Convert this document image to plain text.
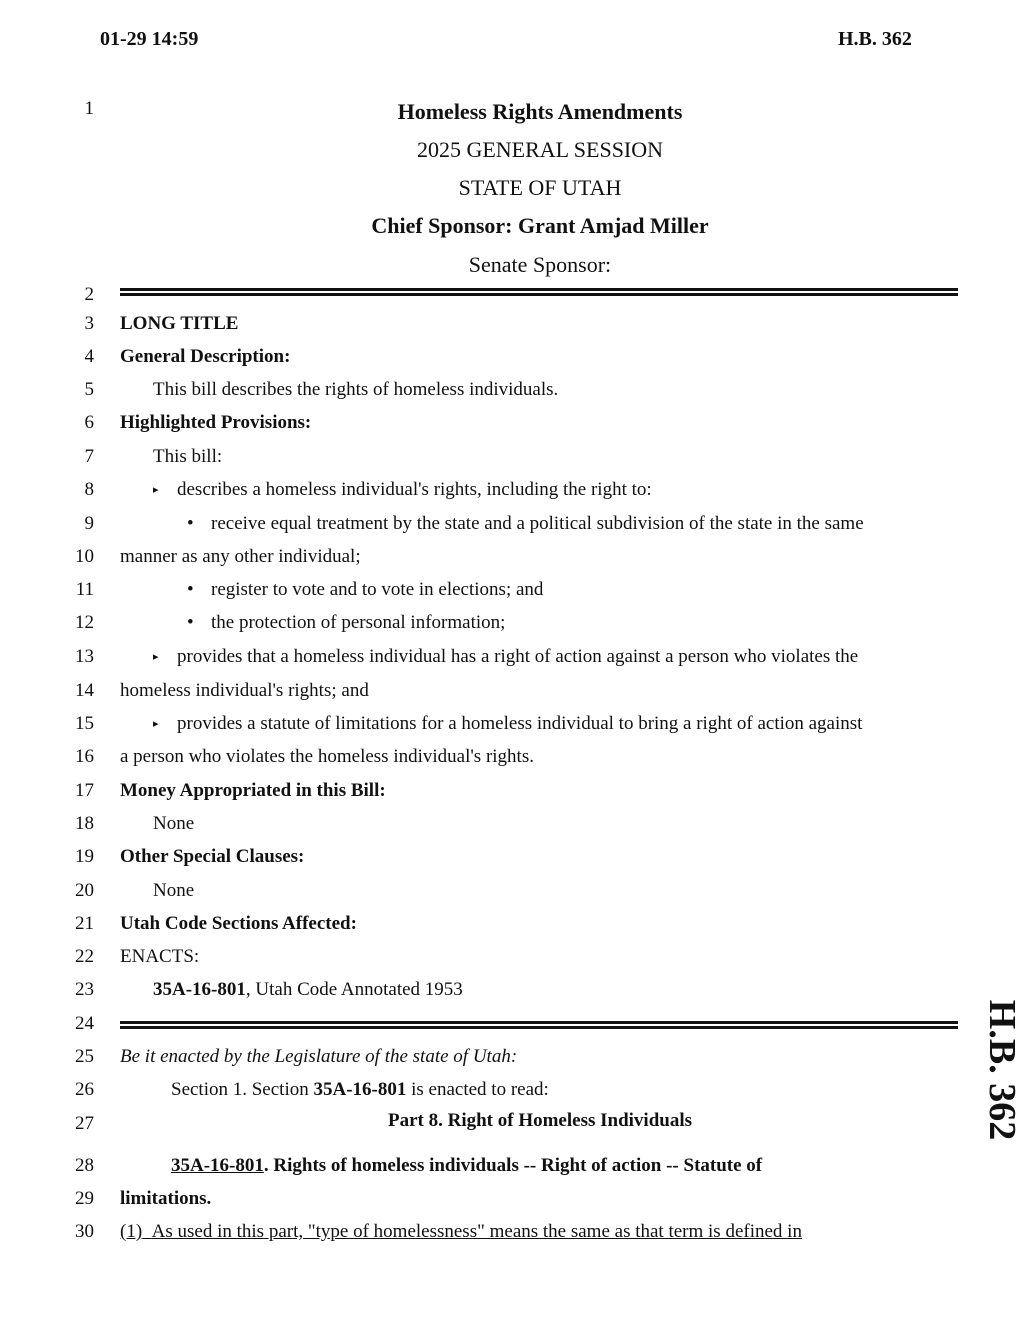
01-29 14:59	H.B. 362
1
2
3
4
5
6
7
8
9
10
11
12
13
14
15
16
17
18
19
20
21
22
23
24
25
26
27
28
29
30
Homeless Rights Amendments
2025 GENERAL SESSION
STATE OF UTAH
Chief Sponsor: Grant Amjad Miller
Senate Sponsor:
LONG TITLE
General Description:
This bill describes the rights of homeless individuals.
Highlighted Provisions:
This bill:
▸ describes a homeless individual's rights, including the right to:
• receive equal treatment by the state and a political subdivision of the state in the same
manner as any other individual;
• register to vote and to vote in elections; and
• the protection of personal information;
▸ provides that a homeless individual has a right of action against a person who violates the
homeless individual's rights; and
▸ provides a statute of limitations for a homeless individual to bring a right of action against
a person who violates the homeless individual's rights.
Money Appropriated in this Bill:
None
Other Special Clauses:
None
Utah Code Sections Affected:
ENACTS:
35A-16-801, Utah Code Annotated 1953
Be it enacted by the Legislature of the state of Utah:
Section 1. Section 35A-16-801 is enacted to read:
Part 8. Right of Homeless Individuals
35A-16-801. Rights of homeless individuals -- Right of action -- Statute of
limitations.
(1) As used in this part, "type of homelessness" means the same as that term is defined in
H.B. 362
